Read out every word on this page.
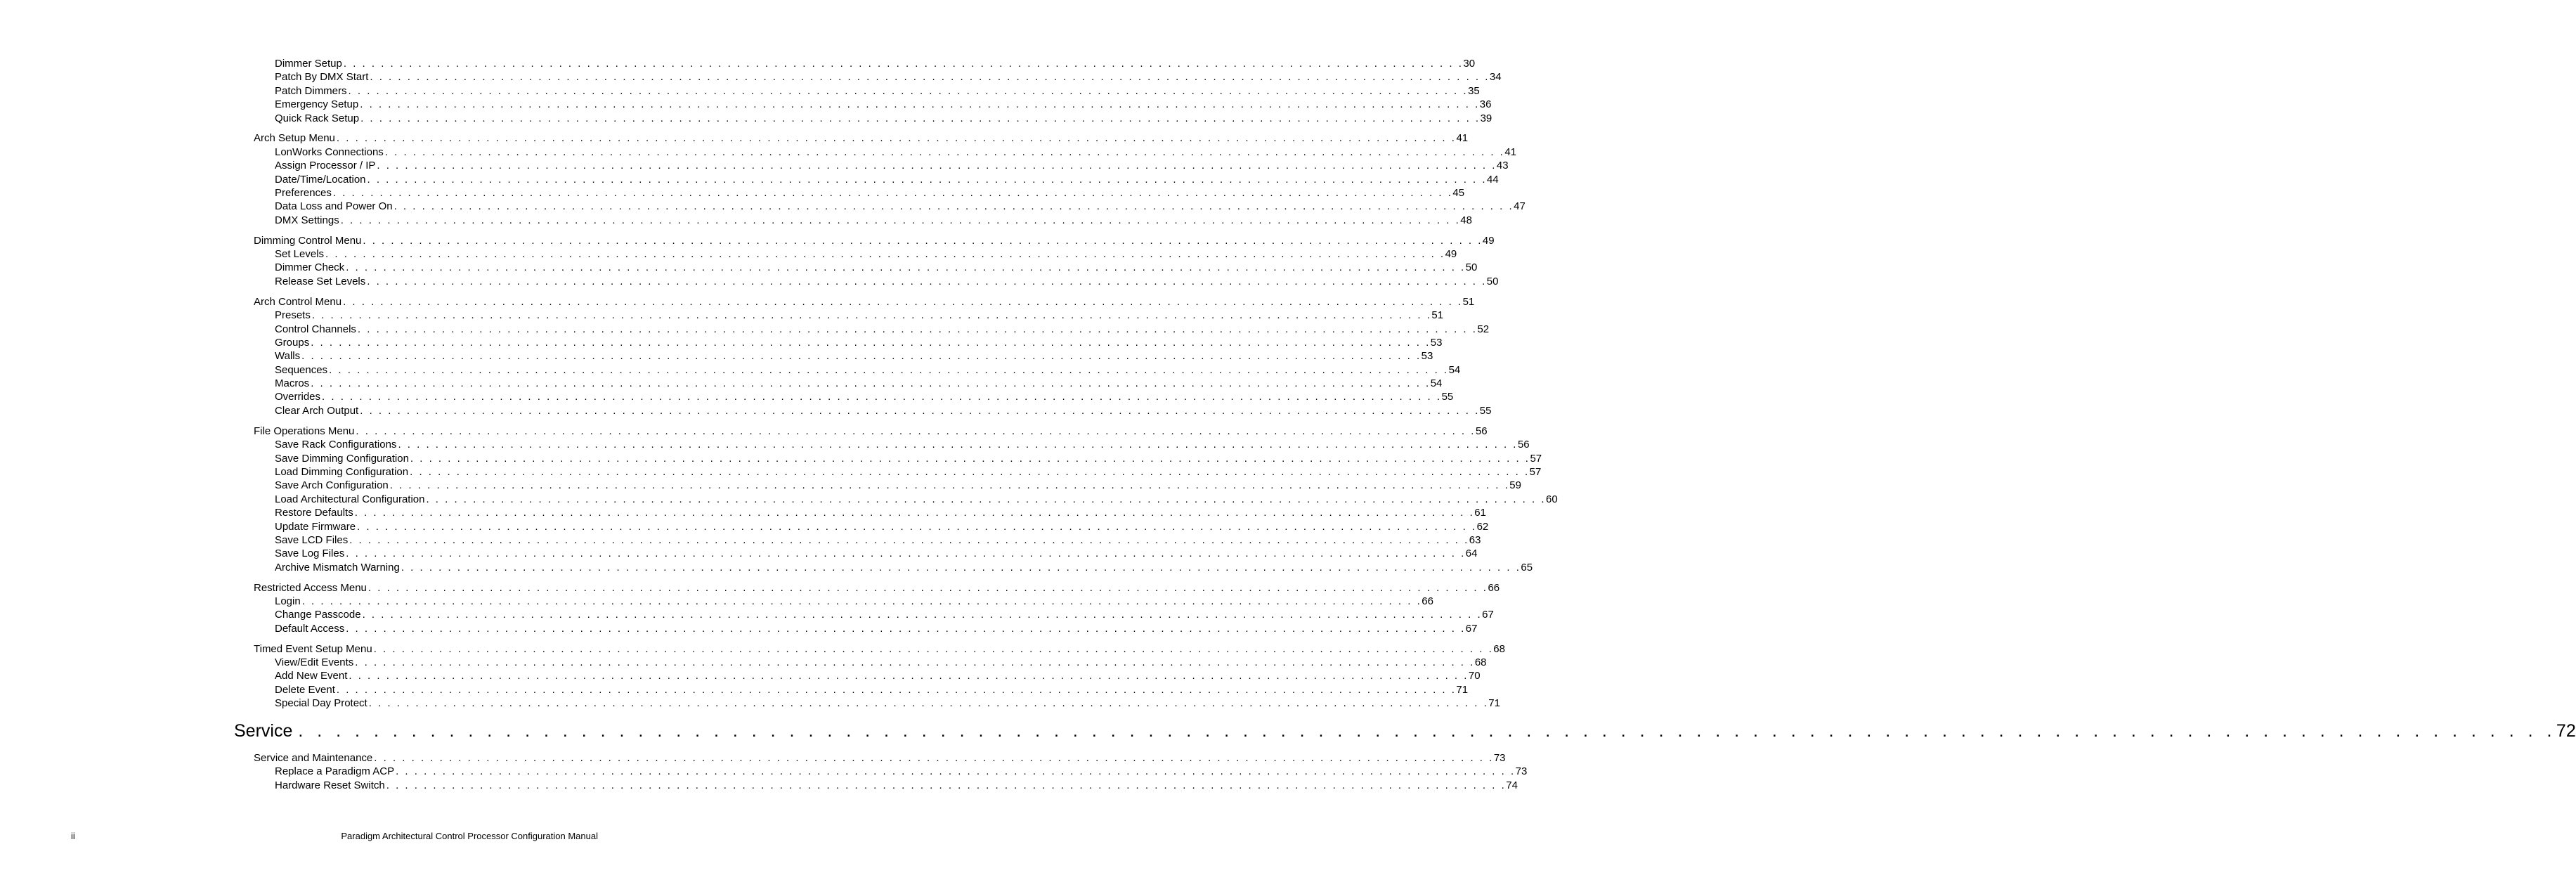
Dimmer Setup . . . . . . . . . . . . . . . . . . . . . . . . . . . . . . . . . . . . . . . . . . . . . . . . . . . . . . . . . . . . . . . . . . . . . . . . . . . . . . . . . . . . . . . . . . . . . . . . . . . . . . . . . . . . . . . . . . . . . . . . 30
Patch By DMX Start . . . . . . . . . . . . . . . . . . . . . . . . . . . . . . . . . . . . . . . . . . . . . . . . . . . . . . . . . . . . . . . . . . . . . . . . . . . . . . . . . . . . . . . . . . . . . . . . . . . . . . . . . . . . . . . . . . . . . . . . 34
Patch Dimmers . . . . . . . . . . . . . . . . . . . . . . . . . . . . . . . . . . . . . . . . . . . . . . . . . . . . . . . . . . . . . . . . . . . . . . . . . . . . . . . . . . . . . . . . . . . . . . . . . . . . . . . . . . . . . . . . . . . . . . . . 35
Emergency Setup . . . . . . . . . . . . . . . . . . . . . . . . . . . . . . . . . . . . . . . . . . . . . . . . . . . . . . . . . . . . . . . . . . . . . . . . . . . . . . . . . . . . . . . . . . . . . . . . . . . . . . . . . . . . . . . . . . . . . . . . 36
Quick Rack Setup . . . . . . . . . . . . . . . . . . . . . . . . . . . . . . . . . . . . . . . . . . . . . . . . . . . . . . . . . . . . . . . . . . . . . . . . . . . . . . . . . . . . . . . . . . . . . . . . . . . . . . . . . . . . . . . . . . . . . . . . 39
Arch Setup Menu . . . . . . . . . . . . . . . . . . . . . . . . . . . . . . . . . . . . . . . . . . . . . . . . . . . . . . . . . . . . . . . . . . . . . . . . . . . . . . . . . . . . . . . . . . . . . . . . . . . . . . . . . . . . . . . . . . . . . . . . 41
LonWorks Connections . . . . . . . . . . . . . . . . . . . . . . . . . . . . . . . . . . . . . . . . . . . . . . . . . . . . . . . . . . . . . . . . . . . . . . . . . . . . . . . . . . . . . . . . . . . . . . . . . . . . . . . . . . . . . . . . . . . . . . . . 41
Assign Processor / IP . . . . . . . . . . . . . . . . . . . . . . . . . . . . . . . . . . . . . . . . . . . . . . . . . . . . . . . . . . . . . . . . . . . . . . . . . . . . . . . . . . . . . . . . . . . . . . . . . . . . . . . . . . . . . . . . . . . . . . . . 43
Date/Time/Location . . . . . . . . . . . . . . . . . . . . . . . . . . . . . . . . . . . . . . . . . . . . . . . . . . . . . . . . . . . . . . . . . . . . . . . . . . . . . . . . . . . . . . . . . . . . . . . . . . . . . . . . . . . . . . . . . . . . . . . . 44
Preferences . . . . . . . . . . . . . . . . . . . . . . . . . . . . . . . . . . . . . . . . . . . . . . . . . . . . . . . . . . . . . . . . . . . . . . . . . . . . . . . . . . . . . . . . . . . . . . . . . . . . . . . . . . . . . . . . . . . . . . . . 45
Data Loss and Power On . . . . . . . . . . . . . . . . . . . . . . . . . . . . . . . . . . . . . . . . . . . . . . . . . . . . . . . . . . . . . . . . . . . . . . . . . . . . . . . . . . . . . . . . . . . . . . . . . . . . . . . . . . . . . . . . . . . . . . . . 47
DMX Settings . . . . . . . . . . . . . . . . . . . . . . . . . . . . . . . . . . . . . . . . . . . . . . . . . . . . . . . . . . . . . . . . . . . . . . . . . . . . . . . . . . . . . . . . . . . . . . . . . . . . . . . . . . . . . . . . . . . . . . . . 48
Dimming Control Menu . . . . . . . . . . . . . . . . . . . . . . . . . . . . . . . . . . . . . . . . . . . . . . . . . . . . . . . . . . . . . . . . . . . . . . . . . . . . . . . . . . . . . . . . . . . . . . . . . . . . . . . . . . . . . . . . . . . . . . . . 49
Set Levels . . . . . . . . . . . . . . . . . . . . . . . . . . . . . . . . . . . . . . . . . . . . . . . . . . . . . . . . . . . . . . . . . . . . . . . . . . . . . . . . . . . . . . . . . . . . . . . . . . . . . . . . . . . . . . . . . . . . . . . . 49
Dimmer Check . . . . . . . . . . . . . . . . . . . . . . . . . . . . . . . . . . . . . . . . . . . . . . . . . . . . . . . . . . . . . . . . . . . . . . . . . . . . . . . . . . . . . . . . . . . . . . . . . . . . . . . . . . . . . . . . . . . . . . . . 50
Release Set Levels . . . . . . . . . . . . . . . . . . . . . . . . . . . . . . . . . . . . . . . . . . . . . . . . . . . . . . . . . . . . . . . . . . . . . . . . . . . . . . . . . . . . . . . . . . . . . . . . . . . . . . . . . . . . . . . . . . . . . . . . 50
Arch Control Menu . . . . . . . . . . . . . . . . . . . . . . . . . . . . . . . . . . . . . . . . . . . . . . . . . . . . . . . . . . . . . . . . . . . . . . . . . . . . . . . . . . . . . . . . . . . . . . . . . . . . . . . . . . . . . . . . . . . . . . . . 51
Presets . . . . . . . . . . . . . . . . . . . . . . . . . . . . . . . . . . . . . . . . . . . . . . . . . . . . . . . . . . . . . . . . . . . . . . . . . . . . . . . . . . . . . . . . . . . . . . . . . . . . . . . . . . . . . . . . . . . . . . . . 51
Control Channels . . . . . . . . . . . . . . . . . . . . . . . . . . . . . . . . . . . . . . . . . . . . . . . . . . . . . . . . . . . . . . . . . . . . . . . . . . . . . . . . . . . . . . . . . . . . . . . . . . . . . . . . . . . . . . . . . . . . . . . . 52
Groups . . . . . . . . . . . . . . . . . . . . . . . . . . . . . . . . . . . . . . . . . . . . . . . . . . . . . . . . . . . . . . . . . . . . . . . . . . . . . . . . . . . . . . . . . . . . . . . . . . . . . . . . . . . . . . . . . . . . . . . . 53
Walls . . . . . . . . . . . . . . . . . . . . . . . . . . . . . . . . . . . . . . . . . . . . . . . . . . . . . . . . . . . . . . . . . . . . . . . . . . . . . . . . . . . . . . . . . . . . . . . . . . . . . . . . . . . . . . . . . . . . . . . . 53
Sequences . . . . . . . . . . . . . . . . . . . . . . . . . . . . . . . . . . . . . . . . . . . . . . . . . . . . . . . . . . . . . . . . . . . . . . . . . . . . . . . . . . . . . . . . . . . . . . . . . . . . . . . . . . . . . . . . . . . . . . . . 54
Macros . . . . . . . . . . . . . . . . . . . . . . . . . . . . . . . . . . . . . . . . . . . . . . . . . . . . . . . . . . . . . . . . . . . . . . . . . . . . . . . . . . . . . . . . . . . . . . . . . . . . . . . . . . . . . . . . . . . . . . . . 54
Overrides . . . . . . . . . . . . . . . . . . . . . . . . . . . . . . . . . . . . . . . . . . . . . . . . . . . . . . . . . . . . . . . . . . . . . . . . . . . . . . . . . . . . . . . . . . . . . . . . . . . . . . . . . . . . . . . . . . . . . . . . 55
Clear Arch Output . . . . . . . . . . . . . . . . . . . . . . . . . . . . . . . . . . . . . . . . . . . . . . . . . . . . . . . . . . . . . . . . . . . . . . . . . . . . . . . . . . . . . . . . . . . . . . . . . . . . . . . . . . . . . . . . . . . . . . . . 55
File Operations Menu . . . . . . . . . . . . . . . . . . . . . . . . . . . . . . . . . . . . . . . . . . . . . . . . . . . . . . . . . . . . . . . . . . . . . . . . . . . . . . . . . . . . . . . . . . . . . . . . . . . . . . . . . . . . . . . . . . . . . . . . 56
Save Rack Configurations . . . . . . . . . . . . . . . . . . . . . . . . . . . . . . . . . . . . . . . . . . . . . . . . . . . . . . . . . . . . . . . . . . . . . . . . . . . . . . . . . . . . . . . . . . . . . . . . . . . . . . . . . . . . . . . . . . . . . . . . 56
Save Dimming Configuration . . . . . . . . . . . . . . . . . . . . . . . . . . . . . . . . . . . . . . . . . . . . . . . . . . . . . . . . . . . . . . . . . . . . . . . . . . . . . . . . . . . . . . . . . . . . . . . . . . . . . . . . . . . . . . . . . . . . . . . . 57
Load Dimming Configuration . . . . . . . . . . . . . . . . . . . . . . . . . . . . . . . . . . . . . . . . . . . . . . . . . . . . . . . . . . . . . . . . . . . . . . . . . . . . . . . . . . . . . . . . . . . . . . . . . . . . . . . . . . . . . . . . . . . . . . . . 57
Save Arch Configuration . . . . . . . . . . . . . . . . . . . . . . . . . . . . . . . . . . . . . . . . . . . . . . . . . . . . . . . . . . . . . . . . . . . . . . . . . . . . . . . . . . . . . . . . . . . . . . . . . . . . . . . . . . . . . . . . . . . . . . . . 59
Load Architectural Configuration . . . . . . . . . . . . . . . . . . . . . . . . . . . . . . . . . . . . . . . . . . . . . . . . . . . . . . . . . . . . . . . . . . . . . . . . . . . . . . . . . . . . . . . . . . . . . . . . . . . . . . . . . . . . . . . . . . . . . . . . 60
Restore Defaults . . . . . . . . . . . . . . . . . . . . . . . . . . . . . . . . . . . . . . . . . . . . . . . . . . . . . . . . . . . . . . . . . . . . . . . . . . . . . . . . . . . . . . . . . . . . . . . . . . . . . . . . . . . . . . . . . . . . . . . . 61
Update Firmware . . . . . . . . . . . . . . . . . . . . . . . . . . . . . . . . . . . . . . . . . . . . . . . . . . . . . . . . . . . . . . . . . . . . . . . . . . . . . . . . . . . . . . . . . . . . . . . . . . . . . . . . . . . . . . . . . . . . . . . . 62
Save LCD Files . . . . . . . . . . . . . . . . . . . . . . . . . . . . . . . . . . . . . . . . . . . . . . . . . . . . . . . . . . . . . . . . . . . . . . . . . . . . . . . . . . . . . . . . . . . . . . . . . . . . . . . . . . . . . . . . . . . . . . . . 63
Save Log Files . . . . . . . . . . . . . . . . . . . . . . . . . . . . . . . . . . . . . . . . . . . . . . . . . . . . . . . . . . . . . . . . . . . . . . . . . . . . . . . . . . . . . . . . . . . . . . . . . . . . . . . . . . . . . . . . . . . . . . . . 64
Archive Mismatch Warning . . . . . . . . . . . . . . . . . . . . . . . . . . . . . . . . . . . . . . . . . . . . . . . . . . . . . . . . . . . . . . . . . . . . . . . . . . . . . . . . . . . . . . . . . . . . . . . . . . . . . . . . . . . . . . . . . . . . . . . . 65
Restricted Access Menu . . . . . . . . . . . . . . . . . . . . . . . . . . . . . . . . . . . . . . . . . . . . . . . . . . . . . . . . . . . . . . . . . . . . . . . . . . . . . . . . . . . . . . . . . . . . . . . . . . . . . . . . . . . . . . . . . . . . . . . . 66
Login . . . . . . . . . . . . . . . . . . . . . . . . . . . . . . . . . . . . . . . . . . . . . . . . . . . . . . . . . . . . . . . . . . . . . . . . . . . . . . . . . . . . . . . . . . . . . . . . . . . . . . . . . . . . . . . . . . . . . . . . 66
Change Passcode . . . . . . . . . . . . . . . . . . . . . . . . . . . . . . . . . . . . . . . . . . . . . . . . . . . . . . . . . . . . . . . . . . . . . . . . . . . . . . . . . . . . . . . . . . . . . . . . . . . . . . . . . . . . . . . . . . . . . . . . 67
Default Access . . . . . . . . . . . . . . . . . . . . . . . . . . . . . . . . . . . . . . . . . . . . . . . . . . . . . . . . . . . . . . . . . . . . . . . . . . . . . . . . . . . . . . . . . . . . . . . . . . . . . . . . . . . . . . . . . . . . . . . . 67
Timed Event Setup Menu . . . . . . . . . . . . . . . . . . . . . . . . . . . . . . . . . . . . . . . . . . . . . . . . . . . . . . . . . . . . . . . . . . . . . . . . . . . . . . . . . . . . . . . . . . . . . . . . . . . . . . . . . . . . . . . . . . . . . . . . 68
View/Edit Events . . . . . . . . . . . . . . . . . . . . . . . . . . . . . . . . . . . . . . . . . . . . . . . . . . . . . . . . . . . . . . . . . . . . . . . . . . . . . . . . . . . . . . . . . . . . . . . . . . . . . . . . . . . . . . . . . . . . . . . . 68
Add New Event . . . . . . . . . . . . . . . . . . . . . . . . . . . . . . . . . . . . . . . . . . . . . . . . . . . . . . . . . . . . . . . . . . . . . . . . . . . . . . . . . . . . . . . . . . . . . . . . . . . . . . . . . . . . . . . . . . . . . . . . 70
Delete Event . . . . . . . . . . . . . . . . . . . . . . . . . . . . . . . . . . . . . . . . . . . . . . . . . . . . . . . . . . . . . . . . . . . . . . . . . . . . . . . . . . . . . . . . . . . . . . . . . . . . . . . . . . . . . . . . . . . . . . . . 71
Special Day Protect . . . . . . . . . . . . . . . . . . . . . . . . . . . . . . . . . . . . . . . . . . . . . . . . . . . . . . . . . . . . . . . . . . . . . . . . . . . . . . . . . . . . . . . . . . . . . . . . . . . . . . . . . . . . . . . . . . . . . . . . 71
Service . . . . . . . . . . . . . . . . . . . . . . . . . . . . . . . . . . . . . . . . . . . . . . . . . . . . . . . . . . . . . . . . . . . . . . . . . . . . . . . . . . . . . . . . . . . . . . . . . . . . . . . . . . . . . . . . . . . . . . . . 72
Service and Maintenance . . . . . . . . . . . . . . . . . . . . . . . . . . . . . . . . . . . . . . . . . . . . . . . . . . . . . . . . . . . . . . . . . . . . . . . . . . . . . . . . . . . . . . . . . . . . . . . . . . . . . . . . . . . . . . . . . . . . . . . . 73
Replace a Paradigm ACP . . . . . . . . . . . . . . . . . . . . . . . . . . . . . . . . . . . . . . . . . . . . . . . . . . . . . . . . . . . . . . . . . . . . . . . . . . . . . . . . . . . . . . . . . . . . . . . . . . . . . . . . . . . . . . . . . . . . . . . . 73
Hardware Reset Switch . . . . . . . . . . . . . . . . . . . . . . . . . . . . . . . . . . . . . . . . . . . . . . . . . . . . . . . . . . . . . . . . . . . . . . . . . . . . . . . . . . . . . . . . . . . . . . . . . . . . . . . . . . . . . . . . . . . . . . . . 74
ii	Paradigm Architectural Control Processor Configuration Manual
